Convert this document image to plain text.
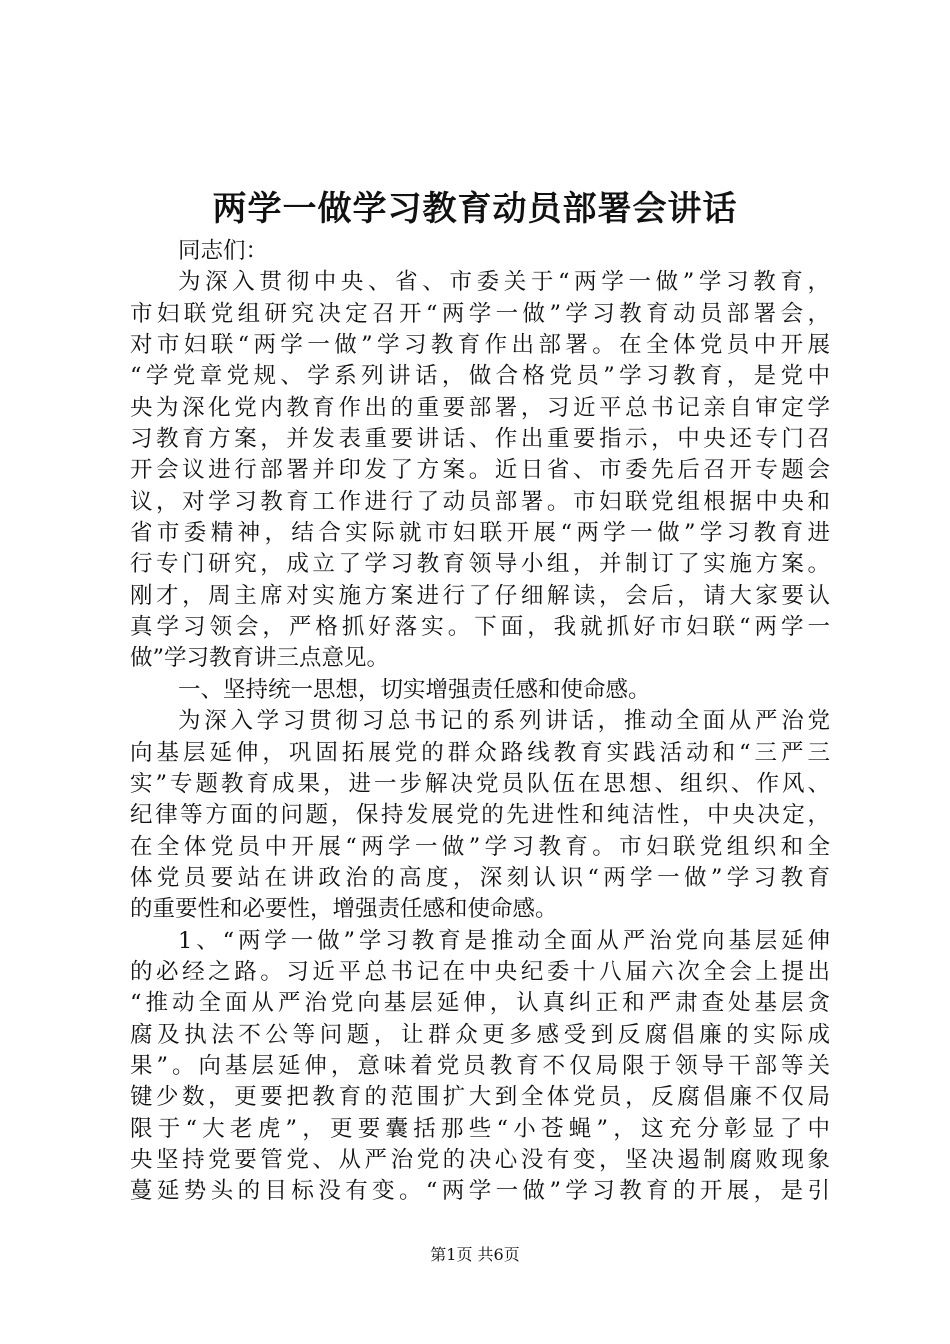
两学一做学习教育动员部署会讲话
同志们：
为深入贯彻中央、省、市委关于“两学一做”学习教育，
市妇联党组研究决定召开“两学一做”学习教育动员部署会，
对市妇联“两学一做”学习教育作出部署。在全体党员中开展
“学党章党规、学系列讲话，做合格党员”学习教育，是党中
央为深化党内教育作出的重要部署，习近平总书记亲自审定学
习教育方案，并发表重要讲话、作出重要指示，中央还专门召
开会议进行部署并印发了方案。近日省、市委先后召开专题会
议，对学习教育工作进行了动员部署。市妇联党组根据中央和
省市委精神，结合实际就市妇联开展“两学一做”学习教育进
行专门研究，成立了学习教育领导小组，并制订了实施方案。
刚才，周主席对实施方案进行了仔细解读，会后，请大家要认
真学习领会，严格抓好落实。下面，我就抓好市妇联“两学一
做”学习教育讲三点意见。
一、坚持统一思想，切实增强责任感和使命感。
为深入学习贯彻习总书记的系列讲话，推动全面从严治党
向基层延伸，巩固拓展党的群众路线教育实践活动和“三严三
实”专题教育成果，进一步解决党员队伍在思想、组织、作风、
纪律等方面的问题，保持发展党的先进性和纯洁性，中央决定，
在全体党员中开展“两学一做”学习教育。市妇联党组织和全
体党员要站在讲政治的高度，深刻认识“两学一做”学习教育
的重要性和必要性，增强责任感和使命感。
1、“两学一做”学习教育是推动全面从严治党向基层延伸
的必经之路。习近平总书记在中央纪委十八届六次全会上提出
“推动全面从严治党向基层延伸，认真纠正和严肃查处基层贪
腐及执法不公等问题，让群众更多感受到反腐倡廉的实际成
果”。向基层延伸，意味着党员教育不仅局限于领导干部等关
键少数，更要把教育的范围扩大到全体党员，反腐倡廉不仅局
限于“大老虎”，更要囊括那些“小苍蝇”，这充分彰显了中
央坚持党要管党、从严治党的决心没有变，坚决遏制腐败现象
蔓延势头的目标没有变。“两学一做”学习教育的开展，是引
第1页 共6页
